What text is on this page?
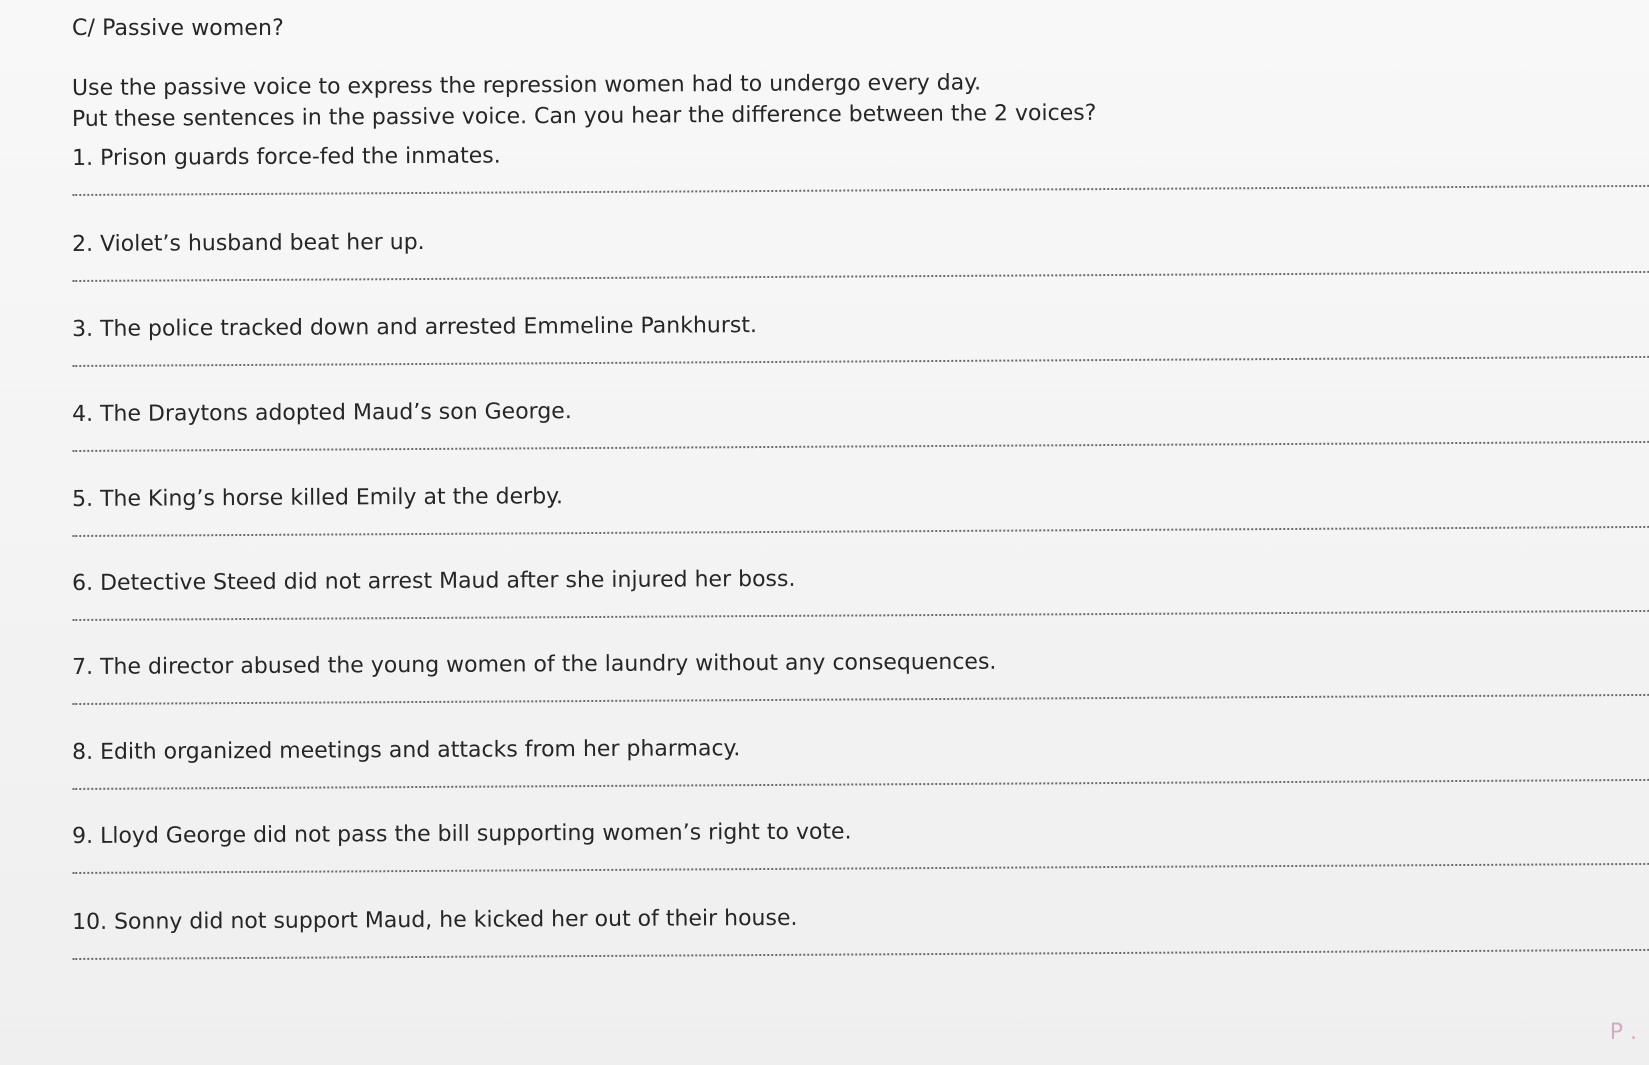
C/ Passive women?
Use the passive voice to express the repression women had to undergo every day.
Put these sentences in the passive voice. Can you hear the difference between the 2 voices?
1. Prison guards force-fed the inmates.
2. Violet’s husband beat her up.
3. The police tracked down and arrested Emmeline Pankhurst.
4. The Draytons adopted Maud’s son George.
5. The King’s horse killed Emily at the derby.
6. Detective Steed did not arrest Maud after she injured her boss.
7. The director abused the young women of the laundry without any consequences.
8. Edith organized meetings and attacks from her pharmacy.
9. Lloyd George did not pass the bill supporting women’s right to vote.
10. Sonny did not support Maud, he kicked her out of their house.
P .
